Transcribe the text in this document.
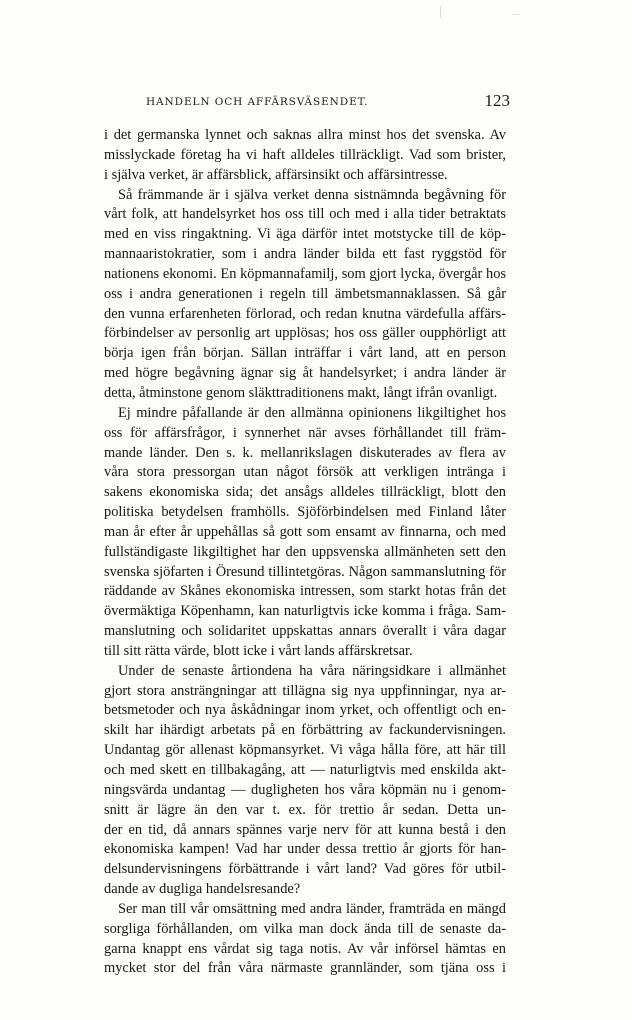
HANDELN OCH AFFÄRSVÄSENDET.	123
i det germanska lynnet och saknas allra minst hos det svenska. Av
misslyckade företag ha vi haft alldeles tillräckligt. Vad som brister,
i själva verket, är affärsblick, affärsinsikt och affärsintresse.
Så främmande är i själva verket denna sistnämnda begåvning för
vårt folk, att handelsyrket hos oss till och med i alla tider betraktats
med en viss ringaktning. Vi äga därför intet motstycke till de köp-
mannaaristokratier, som i andra länder bilda ett fast ryggstöd för
nationens ekonomi. En köpmannafamilj, som gjort lycka, övergår hos
oss i andra generationen i regeln till ämbetsmannaklassen. Så går
den vunna erfarenheten förlorad, och redan knutna värdefulla affärs-
förbindelser av personlig art upplösas; hos oss gäller oupphörligt att
börja igen från början. Sällan inträffar i vårt land, att en person
med högre begåvning ägnar sig åt handelsyrket; i andra länder är
detta, åtminstone genom släkttraditionens makt, långt ifrån ovanligt.
Ej mindre påfallande är den allmänna opinionens likgiltighet hos
oss för affärsfrågor, i synnerhet när avses förhållandet till främ-
mande länder. Den s. k. mellanrikslagen diskuterades av flera av
våra stora pressorgan utan något försök att verkligen intränga i
sakens ekonomiska sida; det ansågs alldeles tillräckligt, blott den
politiska betydelsen framhölls. Sjöförbindelsen med Finland låter
man år efter år uppehållas så gott som ensamt av finnarna, och med
fullständigaste likgiltighet har den uppsvenska allmänheten sett den
svenska sjöfarten i Öresund tillintetgöras. Någon sammanslutning för
räddande av Skånes ekonomiska intressen, som starkt hotas från det
övermäktiga Köpenhamn, kan naturligtvis icke komma i fråga. Sam-
manslutning och solidaritet uppskattas annars överallt i våra dagar
till sitt rätta värde, blott icke i vårt lands affärskretsar.
Under de senaste årtiondena ha våra näringsidkare i allmänhet
gjort stora ansträngningar att tillägna sig nya uppfinningar, nya ar-
betsmetoder och nya åskådningar inom yrket, och offentligt och en-
skilt har ihärdigt arbetats på en förbättring av fackundervisningen.
Undantag gör allenast köpmansyrket. Vi våga hålla före, att här till
och med skett en tillbakagång, att — naturligtvis med enskilda akt-
ningsvärda undantag — dugligheten hos våra köpmän nu i genom-
snitt är lägre än den var t. ex. för trettio år sedan. Detta un-
der en tid, då annars spännes varje nerv för att kunna bestå i den
ekonomiska kampen! Vad har under dessa trettio år gjorts för han-
delsundervisningens förbättrande i vårt land? Vad göres för utbil-
dande av dugliga handelsresande?
Ser man till vår omsättning med andra länder, framträda en mängd
sorgliga förhållanden, om vilka man dock ända till de senaste da-
garna knappt ens vårdat sig taga notis. Av vår införsel hämtas en
mycket stor del från våra närmaste grannländer, som tjäna oss i
